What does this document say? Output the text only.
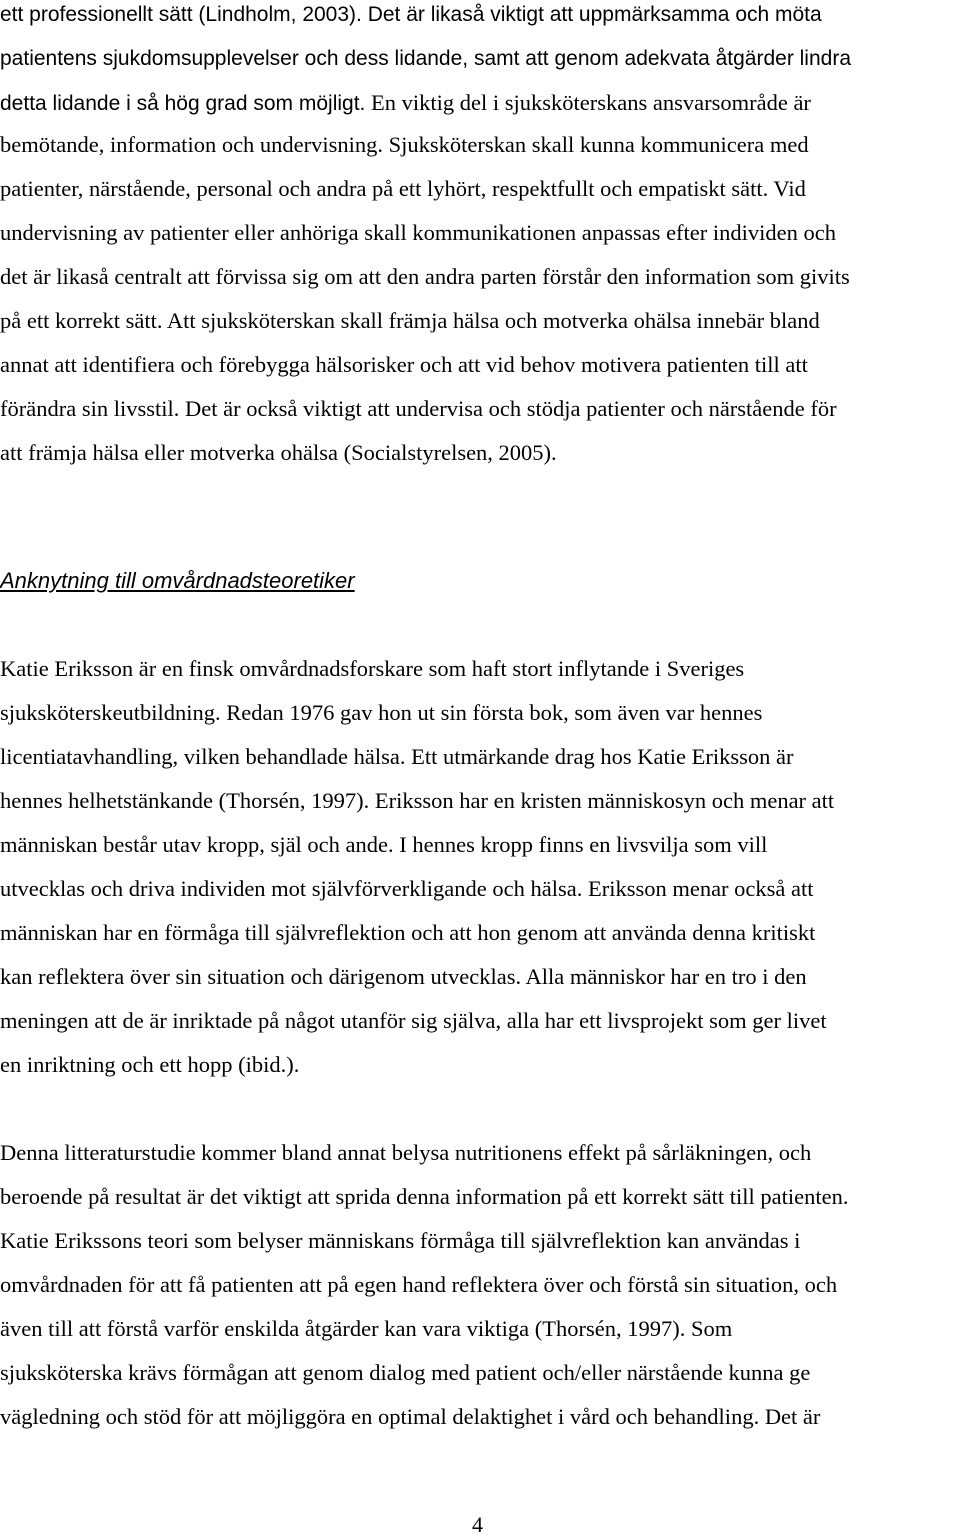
ett professionellt sätt (Lindholm, 2003). Det är likaså viktigt att uppmärksamma och möta
patientens sjukdomsupplevelser och dess lidande, samt att genom adekvata åtgärder lindra
detta lidande i så hög grad som möjligt. En viktig del i sjuksköterskans ansvarsområde är
bemötande, information och undervisning. Sjuksköterskan skall kunna kommunicera med
patienter, närstående, personal och andra på ett lyhört, respektfullt och empatiskt sätt. Vid
undervisning av patienter eller anhöriga skall kommunikationen anpassas efter individen och
det är likaså centralt att förvissa sig om att den andra parten förstår den information som givits
på ett korrekt sätt. Att sjuksköterskan skall främja hälsa och motverka ohälsa innebär bland
annat att identifiera och förebygga hälsorisker och att vid behov motivera patienten till att
förändra sin livsstil. Det är också viktigt att undervisa och stödja patienter och närstående för
att främja hälsa eller motverka ohälsa (Socialstyrelsen, 2005).
Anknytning till omvårdnadsteoretiker
Katie Eriksson är en finsk omvårdnadsforskare som haft stort inflytande i Sveriges
sjuksköterskeutbildning. Redan 1976 gav hon ut sin första bok, som även var hennes
licentiatavhandling, vilken behandlade hälsa. Ett utmärkande drag hos Katie Eriksson är
hennes helhetstänkande (Thorsén, 1997). Eriksson har en kristen människosyn och menar att
människan består utav kropp, själ och ande. I hennes kropp finns en livsvilja som vill
utvecklas och driva individen mot självförverkligande och hälsa. Eriksson menar också att
människan har en förmåga till självreflektion och att hon genom att använda denna kritiskt
kan reflektera över sin situation och därigenom utvecklas. Alla människor har en tro i den
meningen att de är inriktade på något utanför sig själva, alla har ett livsprojekt som ger livet
en inriktning och ett hopp (ibid.).
Denna litteraturstudie kommer bland annat belysa nutritionens effekt på sårläkningen, och
beroende på resultat är det viktigt att sprida denna information på ett korrekt sätt till patienten.
Katie Erikssons teori som belyser människans förmåga till självreflektion kan användas i
omvårdnaden för att få patienten att på egen hand reflektera över och förstå sin situation, och
även till att förstå varför enskilda åtgärder kan vara viktiga (Thorsén, 1997). Som
sjuksköterska krävs förmågan att genom dialog med patient och/eller närstående kunna ge
vägledning och stöd för att möjliggöra en optimal delaktighet i vård och behandling. Det är
4
